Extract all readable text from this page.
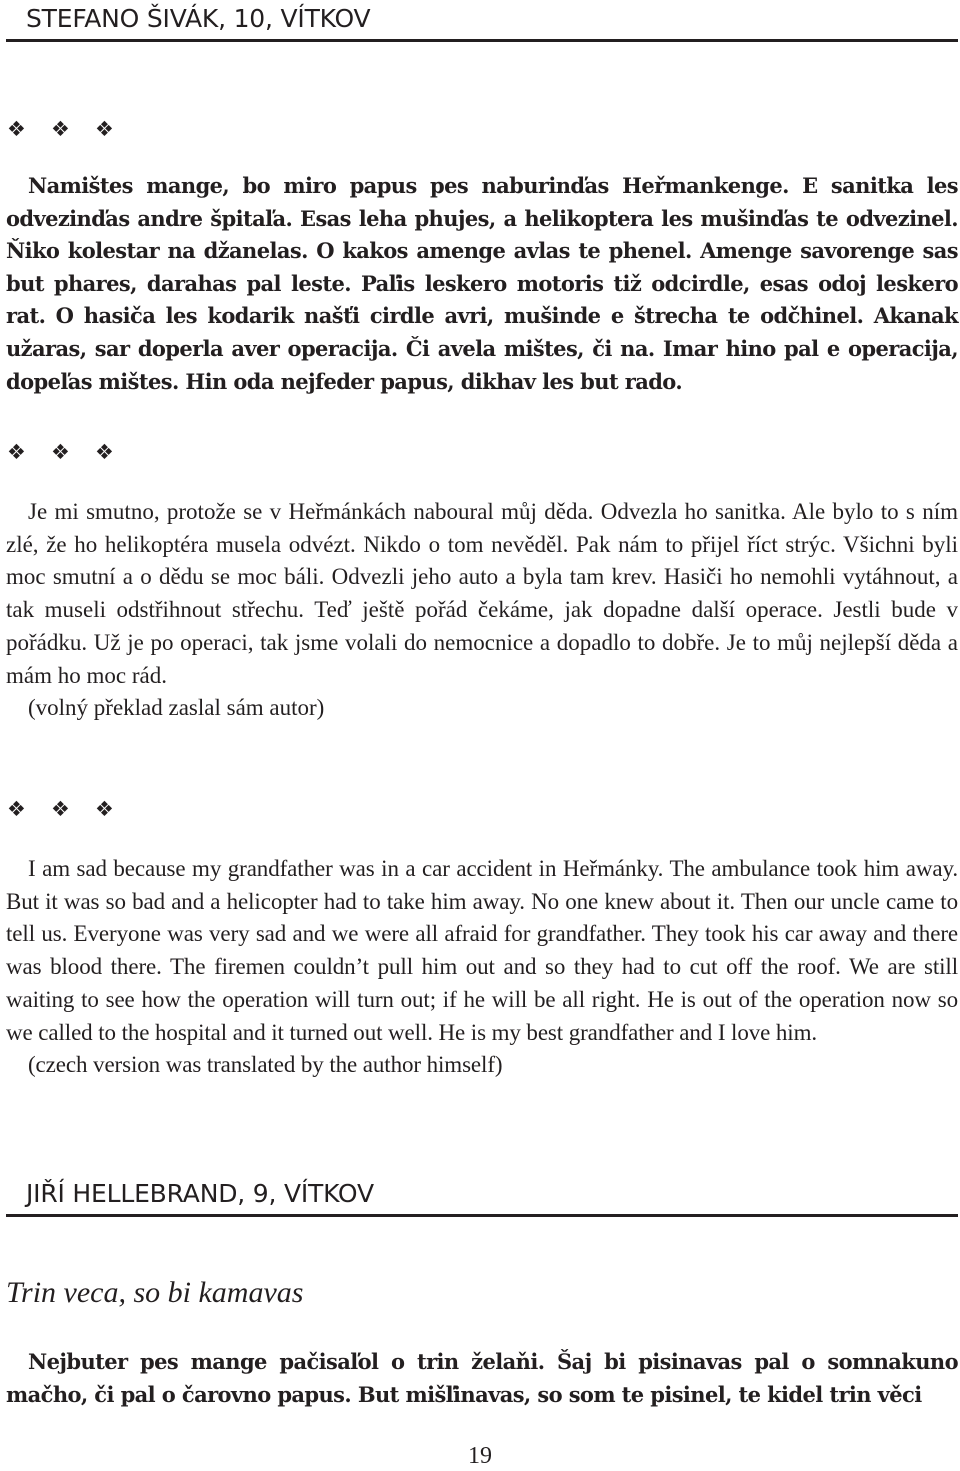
STEFANO ŠIVÁK, 10, VÍTKOV
❖ ❖ ❖

Namištes mange, bo miro papus pes naburinďas Heřmankenge. E sanitka les odvezinďas andre špitaľa. Esas leha phujes, a helikoptera les mušinďas te odvezinel. Ňiko kolestar na džanelas. O kakos amenge avlas te phenel. Amenge savorenge sas but phares, darahas pal leste. Paľis leskero motoris tiž odcirdle, esas odoj leskero rat. O hasiča les kodarik našťi cirdle avri, mušinde e štrecha te odčhinel. Akanak užaras, sar doperla aver operacija. Či avela mištes, či na. Imar hino pal e operacija, dopeľas mištes. Hin oda nejfeder papus, dikhav les but rado.

❖ ❖ ❖

Je mi smutno, protože se v Heřmánkách naboural můj děda. Odvezla ho sanitka. Ale bylo to s ním zlé, že ho helikoptéra musela odvézt. Nikdo o tom nevěděl. Pak nám to přijel říct strýc. Všichni byli moc smutní a o dědu se moc báli. Odvezli jeho auto a byla tam krev. Hasiči ho nemohli vytáhnout, a tak museli odstřihnout střechu. Teď ještě pořád čekáme, jak dopadne další operace. Jestli bude v pořádku. Už je po operaci, tak jsme volali do nemocnice a dopadlo to dobře. Je to můj nejlepší děda a mám ho moc rád.

(volný překlad zaslal sám autor)

❖ ❖ ❖

I am sad because my grandfather was in a car accident in Heřmánky. The ambulance took him away. But it was so bad and a helicopter had to take him away. No one knew about it. Then our uncle came to tell us. Everyone was very sad and we were all afraid for grandfather. They took his car away and there was blood there. The firemen couldn’t pull him out and so they had to cut off the roof. We are still waiting to see how the operation will turn out; if he will be all right. He is out of the operation now so we called to the hospital and it turned out well. He is my best grandfather and I love him.

(czech version was translated by the author himself)

JIŘÍ HELLEBRAND, 9, VÍTKOV
Trin veca, so bi kamavas

Nejbuter pes mange pačisaľol o trin želaňi. Šaj bi pisinavas pal o somnakuno mačho, či pal o čarovno papus. But mišľinavas, so som te pisinel, te kidel trin věci

19
